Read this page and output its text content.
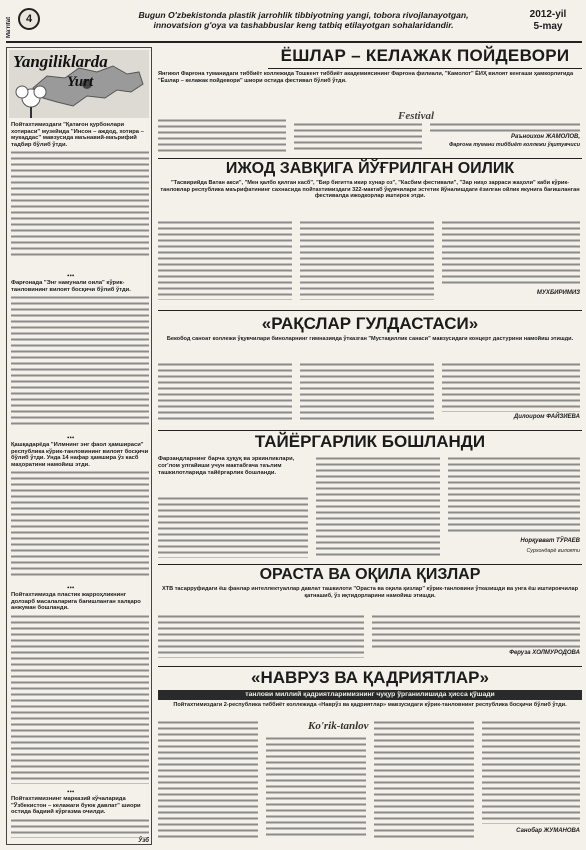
Ma'rifat	4	Bugun O'zbekistonda plastik jarrohlik tibbiyotning yangi, tobora rivojlanayotgan, innovatsion g'oya va tashabbuslar keng tatbiq etilayotgan sohalaridandir.
2012-yil
5-may
Yangiliklarda
Yurt
Пойтахтимиздаги "Қатағон қурбонлари хотираси" музейида "Инсон – аждод, хотира – мукаддас" мавзусида маънавий-маърифий тадбир бўлиб ўтди.
•••
Фарғонада "Энг намунали оила" кўрик-танловининг вилоят босқичи бўлиб ўтди.
•••
Қашқадарёда "Илмнинг энг фаол ҳамшираси" республика кўрик-танловининг вилоят босқичи бўлиб ўтди. Унда 14 нафар ҳамшира ўз касб маҳоратини намойиш этди.
•••
Пойтахтимизда пластик жарроҳликнинг долзарб масалаларига бағишланган халқаро анжуман бошланди.
•••
Пойтахтимизнинг марказий кўчаларида "Ўзбекистон – келажаги буюк давлат" шиори остида бадиий кўргазма очилди.
Ўзб
ЁШЛАР – КЕЛАЖАК ПОЙДЕВОРИ
Янгиюл Фарғона туманидаги тиббиёт коллежида Тошкент тиббиёт академиясининг Фарғона филиали, "Камолот" ЁИҲ вилоят кенгаши ҳамкорлигида "Ёшлар – келажак пойдевори" шиори остида фестивал бўлиб ўтди.
Festival
Раъноихон ЖАМОЛОВ,
Фарғона тумани тиббиёт коллежи ўқитувчиси
ИЖОД ЗАВҚИГА ЙЎҒРИЛГАН ОИЛИК
"Тасвирийда Ватан акси", "Мен қалбо қилган касб", "Бир бигитта икир хунар оз", "Касбим фестивали", "Зар ниҳо зарраси жаҳоли" каби кўрик-танловлар республика маърифатининг сахнасида пойтахтимиздаги 322-мактаб ўқувчилари эстетик йўналишдаги ёзилган ойлик якунига бағишланган фестивалда ижодкорлар иштирок этди.
МУХБИРИМИЗ
«РАҚСЛАР ГУЛДАСТАСИ»
Бекобод саноат коллежи ўқувчилари биноларнинг гимназияда ўтказган "Мустақиллик санаси" мавзусидаги концерт дастурини намойиш этишди.
Дилоиром ФАЙЗИЕВА
ТАЙЁРГАРЛИК БОШЛАНДИ
Фарзандларнинг барча ҳуқуқ ва эркинликлари, сог'лом улгайиши учун мактабгача таълим ташкилотларида тайёргарлик бошланди.
Норқувват ТЎРАЕВ
Сурхондарё вилояти
ОРАСТА ВА ОҚИЛА ҚИЗЛАР
XTB тасарруфидаги ёш фанлар интеллектуаллар давлат ташкилоти "Ораста ва оқила қизлар" кўрик-танловини ўтказишди ва унга ёш иштирокчилар қатнашиб, ўз иқтидорларини намойиш этишди.
Феруза ХОЛМУРОДОВА
«НАВРУЗ ВА ҚАДРИЯТЛАР»
танлови миллий қадриятларимизнинг чуқур ўрганилишида ҳисса қўшади
Пойтахтимиздаги 2-республика тиббиёт коллежида «Наврўз ва қадриятлар» мавзусидаги кўрик-танловнинг республика босқичи бўлиб ўтди.
Ko'rik-tanlov
Санобар ЖУМАНОВА
